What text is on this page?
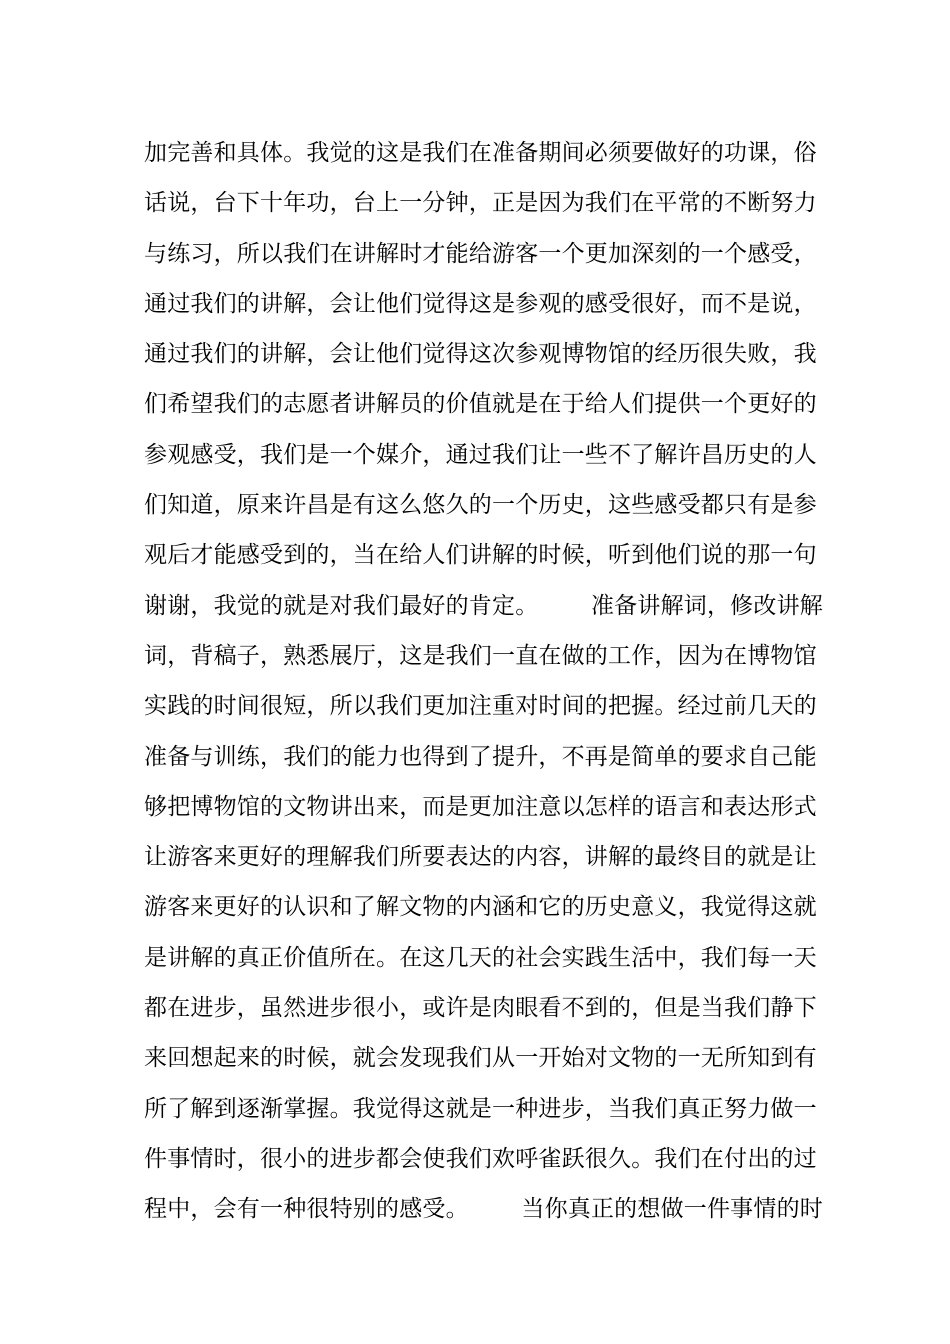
加完善和具体。我觉的这是我们在准备期间必须要做好的功课，俗
话说，台下十年功，台上一分钟，正是因为我们在平常的不断努力
与练习，所以我们在讲解时才能给游客一个更加深刻的一个感受，
通过我们的讲解，会让他们觉得这是参观的感受很好，而不是说，
通过我们的讲解，会让他们觉得这次参观博物馆的经历很失败，我
们希望我们的志愿者讲解员的价值就是在于给人们提供一个更好的
参观感受，我们是一个媒介，通过我们让一些不了解许昌历史的人
们知道，原来许昌是有这么悠久的一个历史，这些感受都只有是参
观后才能感受到的，当在给人们讲解的时候，听到他们说的那一句
谢谢，我觉的就是对我们最好的肯定。       准备讲解词，修改讲解
词，背稿子，熟悉展厅，这是我们一直在做的工作，因为在博物馆
实践的时间很短，所以我们更加注重对时间的把握。经过前几天的
准备与训练，我们的能力也得到了提升，不再是简单的要求自己能
够把博物馆的文物讲出来，而是更加注意以怎样的语言和表达形式
让游客来更好的理解我们所要表达的内容，讲解的最终目的就是让
游客来更好的认识和了解文物的内涵和它的历史意义，我觉得这就
是讲解的真正价值所在。在这几天的社会实践生活中，我们每一天
都在进步，虽然进步很小，或许是肉眼看不到的，但是当我们静下
来回想起来的时候，就会发现我们从一开始对文物的一无所知到有
所了解到逐渐掌握。我觉得这就是一种进步，当我们真正努力做一
件事情时，很小的进步都会使我们欢呼雀跃很久。我们在付出的过
程中，会有一种很特别的感受。       当你真正的想做一件事情的时
